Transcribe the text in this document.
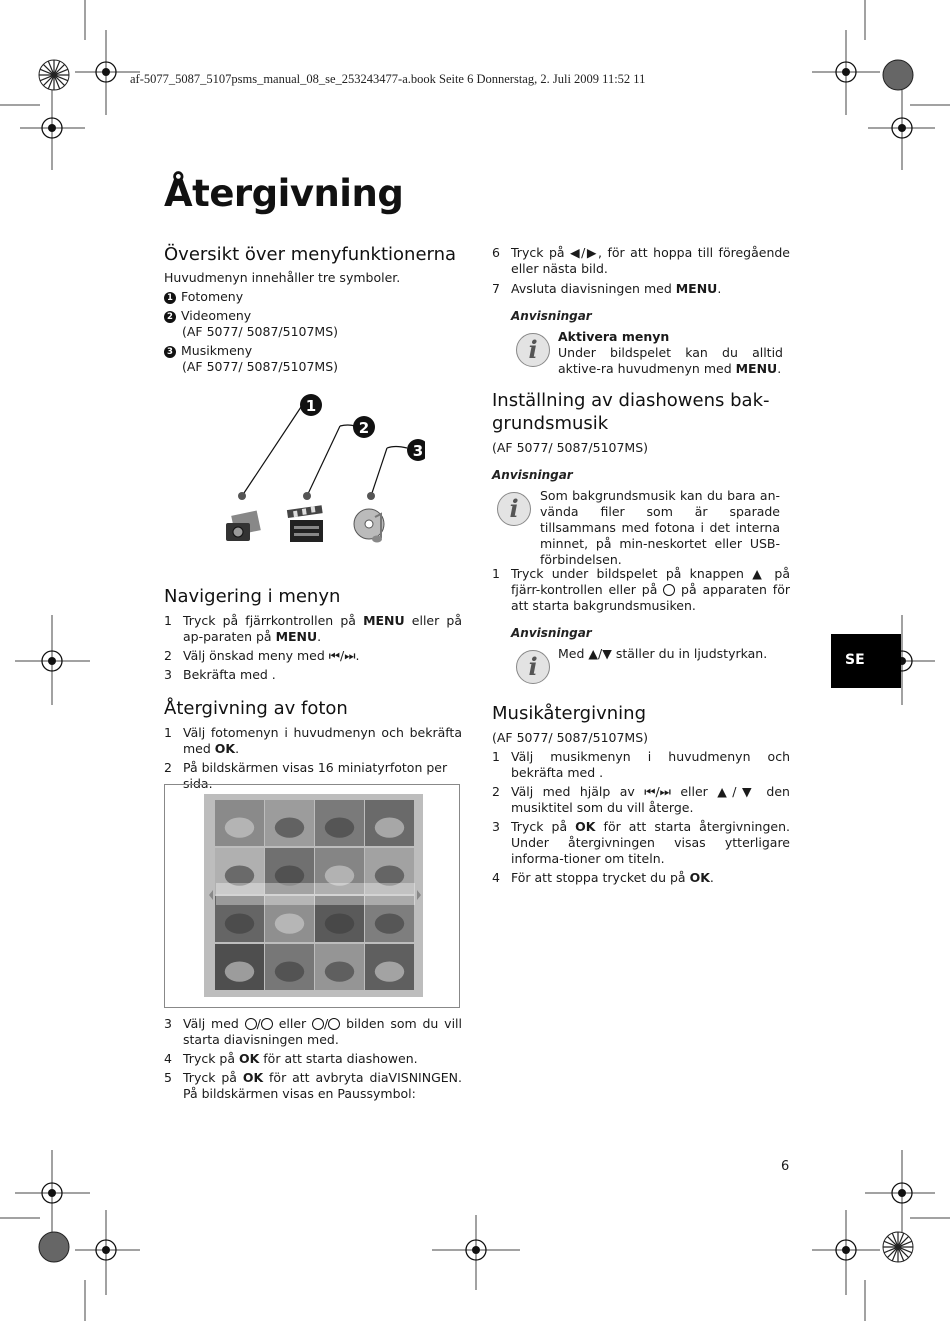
af-5077_5087_5107psms_manual_08_se_253243477-a.book Seite 6 Donnerstag, 2. Juli 2009 11:52 11
Återgivning
Översikt över menyfunktionerna

Huvudmenyn innehåller tre symboler.

1 Fotomeny
2 Videomeny
(AF 5077/ 5087/5107MS)
3 Musikmeny
(AF 5077/ 5087/5107MS)
1
2
3
Navigering i menyn
1 Tryck på fjärrkontrollen på MENU eller på ap-paraten på MENU.
2 Välj önskad meny med ⏮/⏭.
3 Bekräfta med .
Återgivning av foton
1 Välj fotomenyn i huvudmenyn och bekräfta med OK.
2 På bildskärmen visas 16 miniatyrfoton per sida.
3 Välj med / eller / bilden som du vill starta diavisningen med.
4 Tryck på OK för att starta diashowen.
5 Tryck på OK för att avbryta diaVISNINGEN. På bildskärmen visas en Paussymbol:
6 Tryck på ◀/▶, för att hoppa till föregående eller nästa bild.
7 Avsluta diavisningen med MENU.
Anvisningar
i	Aktivera menyn
Under bildspelet kan du alltid aktive-ra huvudmenyn med MENU.
Inställning av diashowens bak-grundsmusik

(AF 5077/ 5087/5107MS)

Anvisningar
i	Som bakgrundsmusik kan du bara an-vända filer som är sparade tillsammans med fotona i det interna minnet, på min-neskortet eller USB-förbindelsen.
1 Tryck under bildspelet på knappen ▲ på fjärr-kontrollen eller på  på apparaten för att starta bakgrundsmusiken.
Anvisningar
i	Med ▲/▼ ställer du in ljudstyrkan.
Musikåtergivning

(AF 5077/ 5087/5107MS)

1 Välj musikmenyn i huvudmenyn och bekräfta med .
2 Välj med hjälp av ⏮/⏭ eller ▲/▼ den musiktitel som du vill återge.
3 Tryck på OK för att starta återgivningen. Under återgivningen visas ytterligare informa-tioner om titeln.
4 För att stoppa trycket du på OK.
SE
6
